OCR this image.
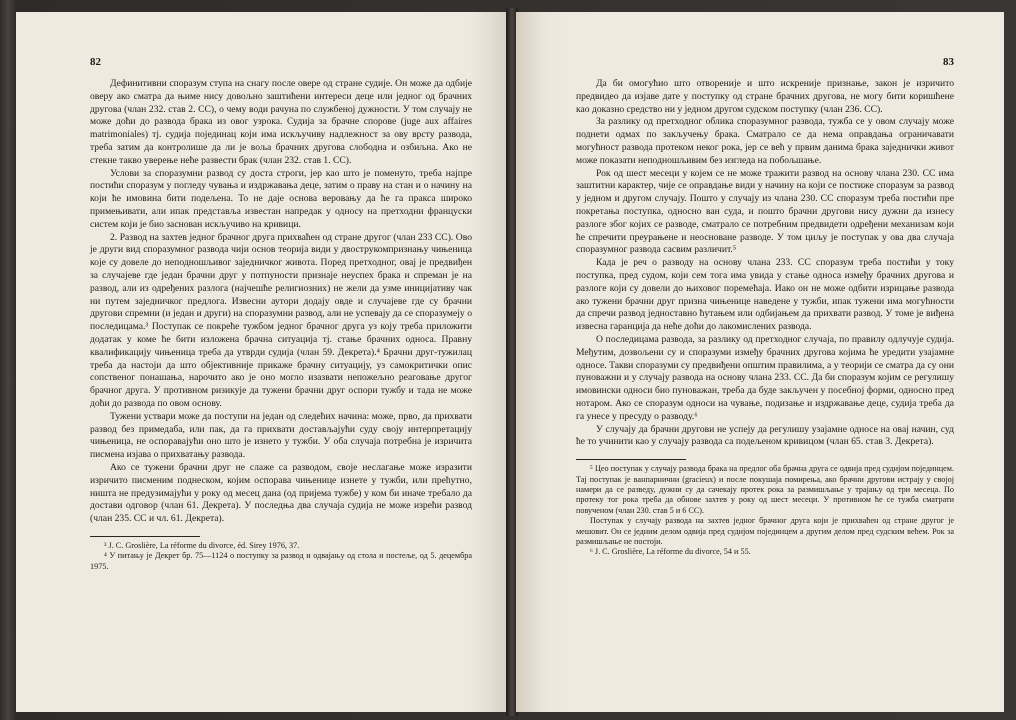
82

Дефинитивни споразум ступа на снагу после овере од стране судије. Он може да одбије оверу ако сматра да њиме нису довољно заштићени интереси деце или једног од брачних другова (члан 232. став 2. СС), о чему води рачуна по службеној дужности. У том случају не може доћи до развода брака из овог узрока. Судија за брачне спорове (juge aux affaires matrimoniales) тј. судија појединац који има искључиву надлежност за ову врсту развода, треба затим да контролише да ли је воља брачних другова слободна и озбиљна. Ако не стекне такво уверење неће развести брак (члан 232. став 1. СС).

Услови за споразумни развод су доста строги, јер као што је поменуто, треба најпре постићи споразум у погледу чувања и издржавања деце, затим о праву на стан и о начину на који ће имовина бити подељена. То не даје основа веровању да ће га пракса широко примењивати, али ипак представља известан напредак у односу на претходни француски систем који је био заснован искључиво на кривици.

2. Развод на захтев једног брачног друга прихваћен од стране другог (члан 233 СС). Ово је други вид споразумног развода чији основ теорија види у двострукомпризнању чињеница које су довеле до неподношљивог заједничког живота. Поред претходног, овај је предвиђен за случајеве где један брачни друг у потпуности признаје неуспех брака и спреман је на развод, али из одређених разлога (најчешће религиозних) не жели да узме иницијативу чак ни путем заједничког предлога. Извесни аутори додају овде и случајеве где су брачни другови спремни (и један и други) на споразумни развод, али не успевају да се споразумеју о последицама.³ Поступак се покреће тужбом једног брачног друга уз коју треба приложити додатак у коме ће бити изложена брачна ситуација тј. стање брачних односа. Правну квалификацију чињеница треба да утврди судија (члан 59. Декрета).⁴ Брачни друг-тужилац треба да настоји да што објективније прикаже брачну ситуацију, уз самокритички опис сопственог понашања, нарочито ако је оно могло изазвати непожељно реаговање другог брачног друга. У противном ризикује да тужени брачни друг оспори тужбу и тада не може доћи до развода по овом основу.

Тужени уствари може да поступи на један од следећих начина: може, прво, да прихвати развод без примедаба, или пак, да га прихвати достављајући суду своју интерпретацију чињеница, не оспоравајући оно што је изнето у тужби. У оба случаја потребна је изричита писмена изјава о прихватању развода.

Ако се тужени брачни друг не слаже са разводом, своје неслагање може изразити изричито писменим поднеском, којим оспорава чињенице изнете у тужби, или прећутно, ништа не предузимајући у року од месец дана (од пријема тужбе) у ком би иначе требало да достави одговор (члан 61. Декрета). У последња два случаја судија не може изрећи развод (члан 235. СС и чл. 61. Декрета).

³ J. C. Groslière, La réforme du divorce, éd. Sirey 1976, 37.

⁴ У питању је Декрет бр. 75—1124 о поступку за развод и одвајању од стола и постеље, од 5. децембра 1975.

83

Да би омогућио што отвореније и што искреније признање, закон је изричито предвидео да изјаве дате у поступку од стране брачних другова, не могу бити коришћене као доказно средство ни у једном другом судском поступку (члан 236. СС).

За разлику од претходног облика споразумног развода, тужба се у овом случају може поднети одмах по закључењу брака. Сматрало се да нема оправдања ограничавати могућност развода протеком неког рока, јер се већ у првим данима брака заједнички живот може показати неподношљивим без изгледа на побољшање.

Рок од шест месеци у којем се не може тражити развод на основу члана 230. СС има заштитни карактер, чије се оправдање види у начину на који се постиже споразум за развод у једном и другом случају. Пошто у случају из члана 230. СС споразум треба постићи пре покретања поступка, односно ван суда, и пошто брачни другови нису дужни да изнесу разлоге због којих се разводе, сматрало се потребним предвидети одређени механизам који ће спречити преурањене и неосноване разводе. У том циљу је поступак у ова два случаја споразумног развода сасвим различит.⁵

Када је реч о разводу на основу члана 233. СС споразум треба постићи у току поступка, пред судом, који сем тога има увида у стање односа између брачних другова и разлоге који су довели до њиховог поремећаја. Иако он не може одбити изрицање развода ако тужени брачни друг призна чињенице наведене у тужби, ипак тужени има могућности да спречи развод једноставно ћутањем или одбијањем да прихвати развод. У томе је виђена извесна гаранција да неће доћи до лакомислених развода.

О последицама развода, за разлику од претходног случаја, по правилу одлучује судија. Међутим, дозвољени су и споразуми између брачних другова којима ће уредити узајамне односе. Такви споразуми су предвиђени општим правилима, а у теорији се сматра да су они пуноважни и у случају развода на основу члана 233. СС. Да би споразум којим се регулишу имовински односи био пуноважан, треба да буде закључен у посебној форми, односно пред нотаром. Ако се споразум односи на чување, подизање и издржавање деце, судија треба да га унесе у пресуду о разводу.⁶

У случају да брачни другови не успеју да регулишу узајамне односе на овај начин, суд ће то учинити као у случају развода са подељеном кривицом (члан 65. став 3. Декрета).

⁵ Цео поступак у случају развода брака на предлог оба брачна друга се одвија пред судијом појединцем. Тај поступак је ванпарнични (gracieux) и после покушаја помирења, ако брачни другови истрају у својој намери да се разведу, дужни су да сачекају протек рока за размишљање у трајању од три месеца. По протеку тог рока треба да обнове захтев у року од шест месеци. У противном ће се тужба сматрати повученом (члан 230. став 5 и 6 СС).

Поступак у случају развода на захтев једног брачног друга који је прихваћен од стране другог је мешовит. Он се једним делом одвија пред судијом појединцем а другим делом пред судским већем. Рок за размишљање не постоји.

⁶ J. C. Groslière, La réforme du divorce, 54 и 55.
